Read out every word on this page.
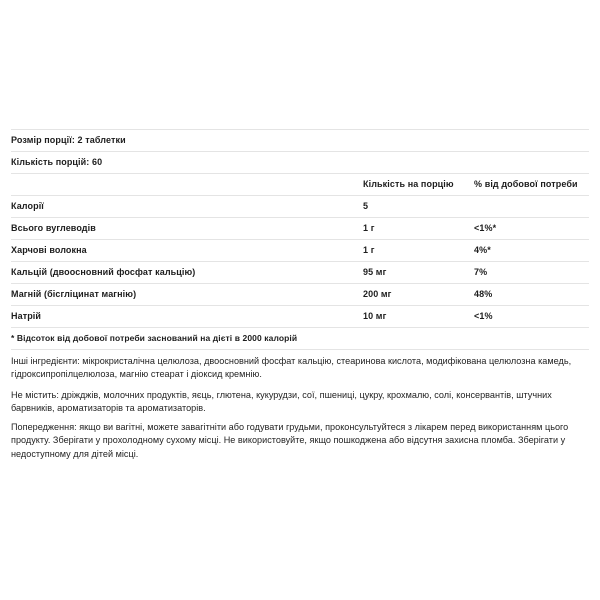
Розмір порції: 2 таблетки		
Кількість порцій: 60		
	Кількість на порцію	% від добової потреби
Калорії	5	
Всього вуглеводів	1 г	<1%*
Харчові волокна	1 г	4%*
Кальцій (двоосновний фосфат кальцію)	95 мг	7%
Магній (бісгліцинат магнію)	200 мг	48%
Натрій	10 мг	<1%
* Відсоток від добової потреби заснований на дієті в 2000 калорій		
Інші інгредієнти: мікрокристалічна целюлоза, двоосновний фосфат кальцію, стеаринова кислота, модифікована целюлозна камедь, гідроксипропілцелюлоза, магнію стеарат і діоксид кремнію.
Не містить: дріжджів, молочних продуктів, яєць, глютена, кукурудзи, сої, пшениці, цукру, крохмалю, солі, консервантів, штучних барвників, ароматизаторів та ароматизаторів.
Попередження: якщо ви вагітні, можете завагітніти або годувати грудьми, проконсультуйтеся з лікарем перед використанням цього продукту. Зберігати у прохолодному сухому місці. Не використовуйте, якщо пошкоджена або відсутня захисна пломба. Зберігати у недоступному для дітей місці.
